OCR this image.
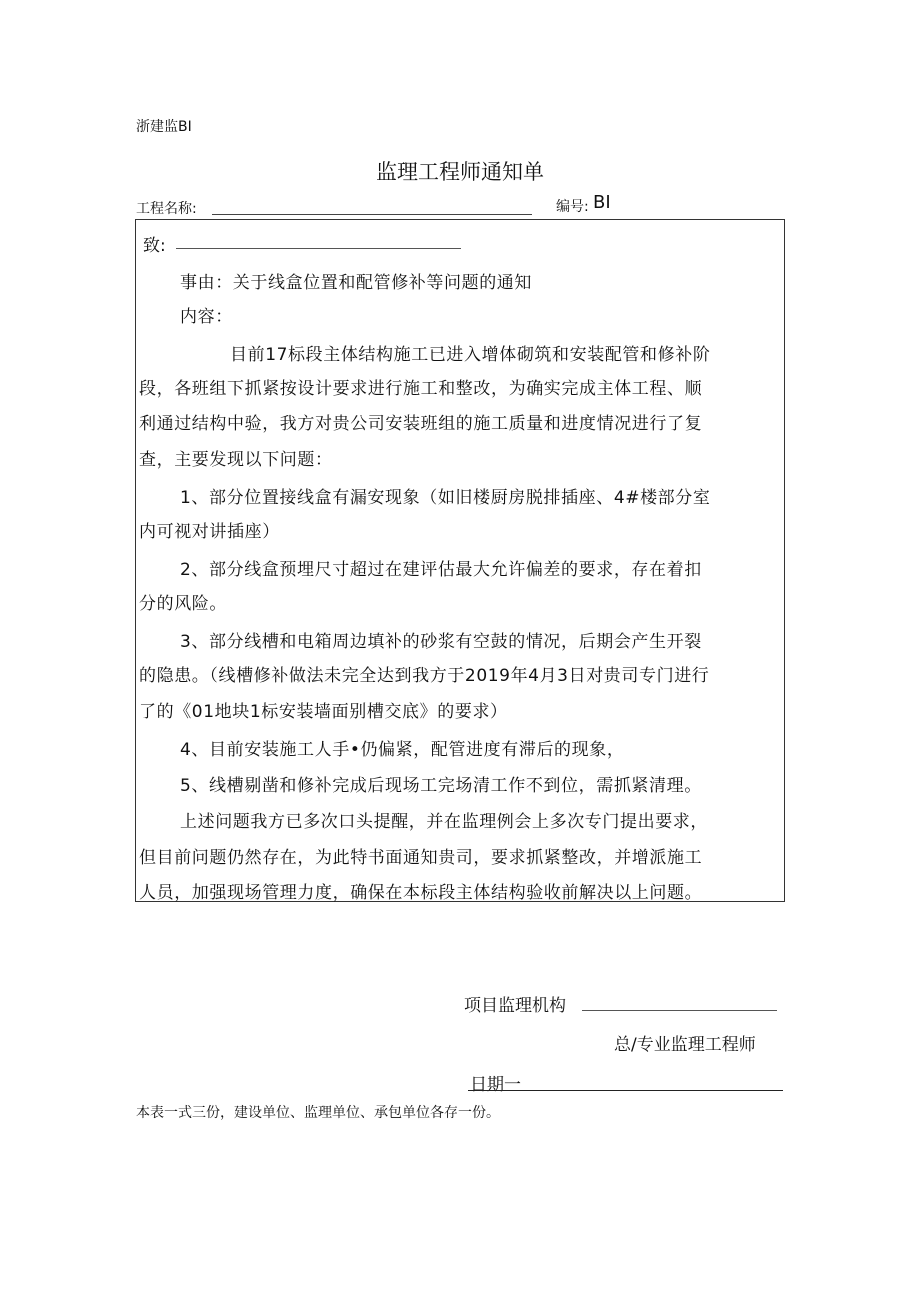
浙建监BI
监理工程师通知单
工程名称:	编号: BI
致:
事由：关于线盒位置和配管修补等问题的通知
内容：
目前17标段主体结构施工已进入增体砌筑和安装配管和修补阶
段，各班组下抓紧按设计要求进行施工和整改，为确实完成主体工程、顺
利通过结构中验，我方对贵公司安装班组的施工质量和进度情况进行了复
查，主要发现以下问题：
1、部分位置接线盒有漏安现象（如旧楼厨房脱排插座、4#楼部分室
内可视对讲插座）
2、部分线盒预埋尺寸超过在建评估最大允许偏差的要求，存在着扣
分的风险。
3、部分线槽和电箱周边填补的砂浆有空鼓的情况，后期会产生开裂
的隐患。（线槽修补做法未完全达到我方于2019年4月3日对贵司专门进行
了的《01地块1标安装墙面别槽交底》的要求）
4、目前安装施工人手•仍偏紧，配管进度有滞后的现象，
5、线槽剔凿和修补完成后现场工完场清工作不到位，需抓紧清理。
上述问题我方已多次口头提醒，并在监理例会上多次专门提出要求，
但目前问题仍然存在，为此特书面通知贵司，要求抓紧整改，并增派施工
人员，加强现场管理力度，确保在本标段主体结构验收前解决以上问题。
项目监理机构
总/专业监理工程师
日期一
本表一式三份，建设单位、监理单位、承包单位各存一份。
